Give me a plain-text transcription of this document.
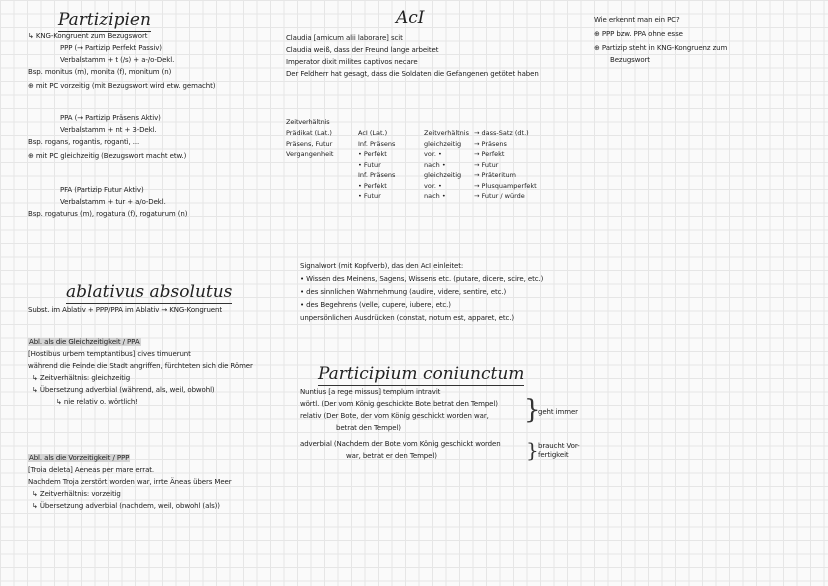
Partizipien
↳ KNG-Kongruent zum Bezugswort
PPP (→ Partizip Perfekt Passiv)
Verbalstamm + t (/s) + a-/o-Dekl.
Bsp. monitus (m), monita (f), monitum (n)
⊕ mit PC vorzeitig (mit Bezugswort wird etw. gemacht)
PPA (→ Partizip Präsens Aktiv)
Verbalstamm + nt + 3-Dekl.
Bsp. rogans, rogantis, rogantì, ...
⊕ mit PC gleichzeitig (Bezugswort macht etw.)
PFA (Partizip Futur Aktiv)
Verbalstamm + tur + a/o-Dekl.
Bsp. rogaturus (m), rogatura (f), rogaturum (n)
ablativus absolutus
Subst. im Ablativ + PPP/PPA im Ablativ → KNG-Kongruent
Abl. als die Gleichzeitigkeit / PPA
[Hostibus urbem temptantibus] cives timuerunt
während die Feinde die Stadt angriffen, fürchteten sich die Römer
↳ Zeitverhältnis: gleichzeitig
↳ Übersetzung adverbial (während, als, weil, obwohl)
↳ nie relativ o. wörtlich!
Abl. als die Vorzeitigkeit / PPP
[Troia deleta] Aeneas per mare errat.
Nachdem Troja zerstört worden war, irrte Äneas übers Meer
↳ Zeitverhältnis: vorzeitig
↳ Übersetzung adverbial (nachdem, weil, obwohl (als))
AcI
Claudia [amicum alii laborare] scit
Claudia weiß, dass der Freund lange arbeitet
Imperator dixit milites captivos necare
Der Feldherr hat gesagt, dass die Soldaten die Gefangenen getötet haben
Zeitverhältnis
Prädikat (Lat.)
Präsens, Futur
Vergangenheit
AcI (Lat.)
Inf. Präsens
• Perfekt
• Futur
Inf. Präsens
• Perfekt
• Futur
Zeitverhältnis
gleichzeitig
vor. •
nach •
gleichzeitig
vor. •
nach •
→ dass-Satz (dt.)
→ Präsens
→ Perfekt
→ Futur
→ Präteritum
→ Plusquamperfekt
→ Futur / würde
Signalwort (mit Kopfverb), das den AcI einleitet:
• Wissen des Meinens, Sagens, Wissens etc. (putare, dicere, scire, etc.)
• des sinnlichen Wahrnehmung (audire, videre, sentire, etc.)
• des Begehrens (velle, cupere, iubere, etc.)
unpersönlichen Ausdrücken (constat, notum est, apparet, etc.)
Participium coniunctum
Nuntius [a rege missus] templum intravit
wörtl. (Der vom König geschickte Bote betrat den Tempel)
relativ (Der Bote, der vom König geschickt worden war,
betrat den Tempel)
adverbial (Nachdem der Bote vom König geschickt worden
war, betrat er den Tempel)
}
geht immer
} braucht Vor-
fertigkeit
Wie erkennt man ein PC?
⊕ PPP bzw. PPA ohne esse
⊕ Partizip steht in KNG-Kongruenz zum
Bezugswort
